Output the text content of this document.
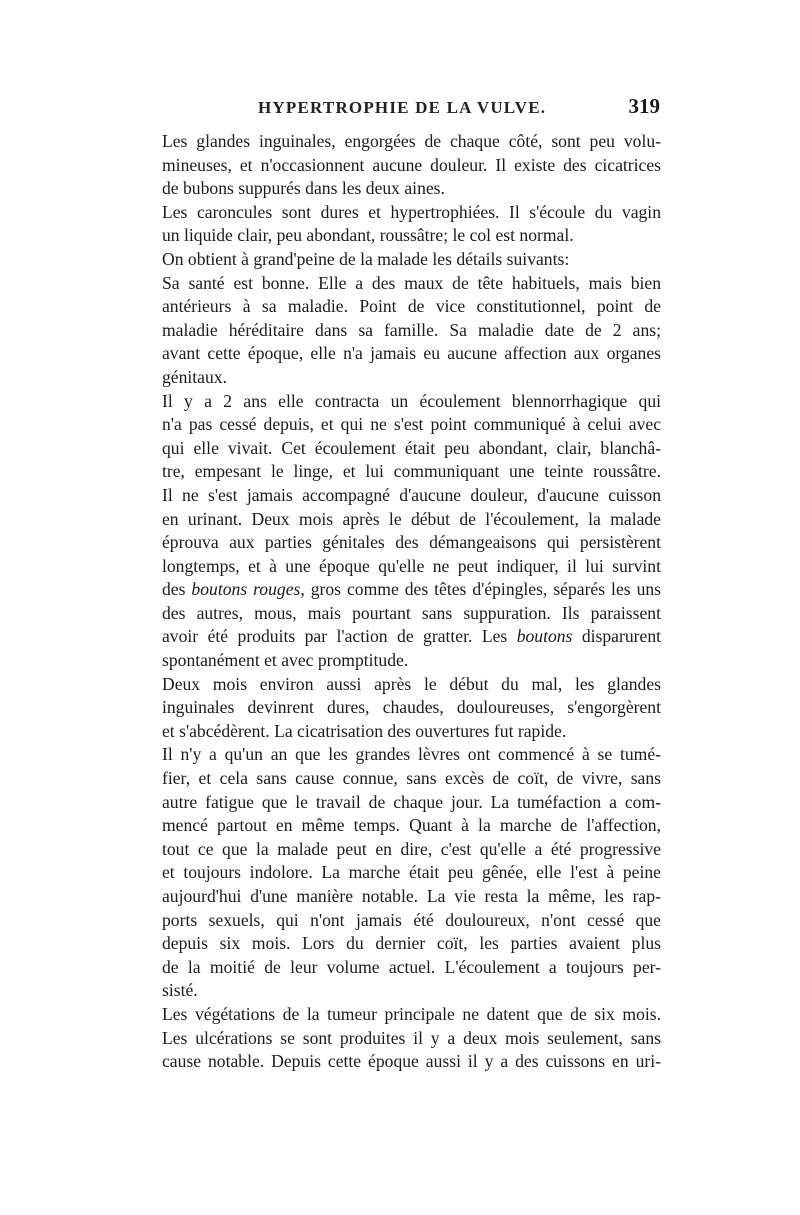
HYPERTROPHIE DE LA VULVE.	319
Les glandes inguinales, engorgées de chaque côté, sont peu volu-
mineuses, et n'occasionnent aucune douleur. Il existe des cicatrices
de bubons suppurés dans les deux aines.
Les caroncules sont dures et hypertrophiées. Il s'écoule du vagin
un liquide clair, peu abondant, roussâtre; le col est normal.
On obtient à grand'peine de la malade les détails suivants:
Sa santé est bonne. Elle a des maux de tête habituels, mais bien
antérieurs à sa maladie. Point de vice constitutionnel, point de
maladie héréditaire dans sa famille. Sa maladie date de 2 ans;
avant cette époque, elle n'a jamais eu aucune affection aux organes
génitaux.
Il y a 2 ans elle contracta un écoulement blennorrhagique qui
n'a pas cessé depuis, et qui ne s'est point communiqué à celui avec
qui elle vivait. Cet écoulement était peu abondant, clair, blanchâ-
tre, empesant le linge, et lui communiquant une teinte roussâtre.
Il ne s'est jamais accompagné d'aucune douleur, d'aucune cuisson
en urinant. Deux mois après le début de l'écoulement, la malade
éprouva aux parties génitales des démangeaisons qui persistèrent
longtemps, et à une époque qu'elle ne peut indiquer, il lui survint
des boutons rouges, gros comme des têtes d'épingles, séparés les uns
des autres, mous, mais pourtant sans suppuration. Ils paraissent
avoir été produits par l'action de gratter. Les boutons disparurent
spontanément et avec promptitude.
Deux mois environ aussi après le début du mal, les glandes
inguinales devinrent dures, chaudes, douloureuses, s'engorgèrent
et s'abcédèrent. La cicatrisation des ouvertures fut rapide.
Il n'y a qu'un an que les grandes lèvres ont commencé à se tumé-
fier, et cela sans cause connue, sans excès de coït, de vivre, sans
autre fatigue que le travail de chaque jour. La tuméfaction a com-
mencé partout en même temps. Quant à la marche de l'affection,
tout ce que la malade peut en dire, c'est qu'elle a été progressive
et toujours indolore. La marche était peu gênée, elle l'est à peine
aujourd'hui d'une manière notable. La vie resta la même, les rap-
ports sexuels, qui n'ont jamais été douloureux, n'ont cessé que
depuis six mois. Lors du dernier coït, les parties avaient plus
de la moitié de leur volume actuel. L'écoulement a toujours per-
sisté.
Les végétations de la tumeur principale ne datent que de six mois.
Les ulcérations se sont produites il y a deux mois seulement, sans
cause notable. Depuis cette époque aussi il y a des cuissons en uri-
